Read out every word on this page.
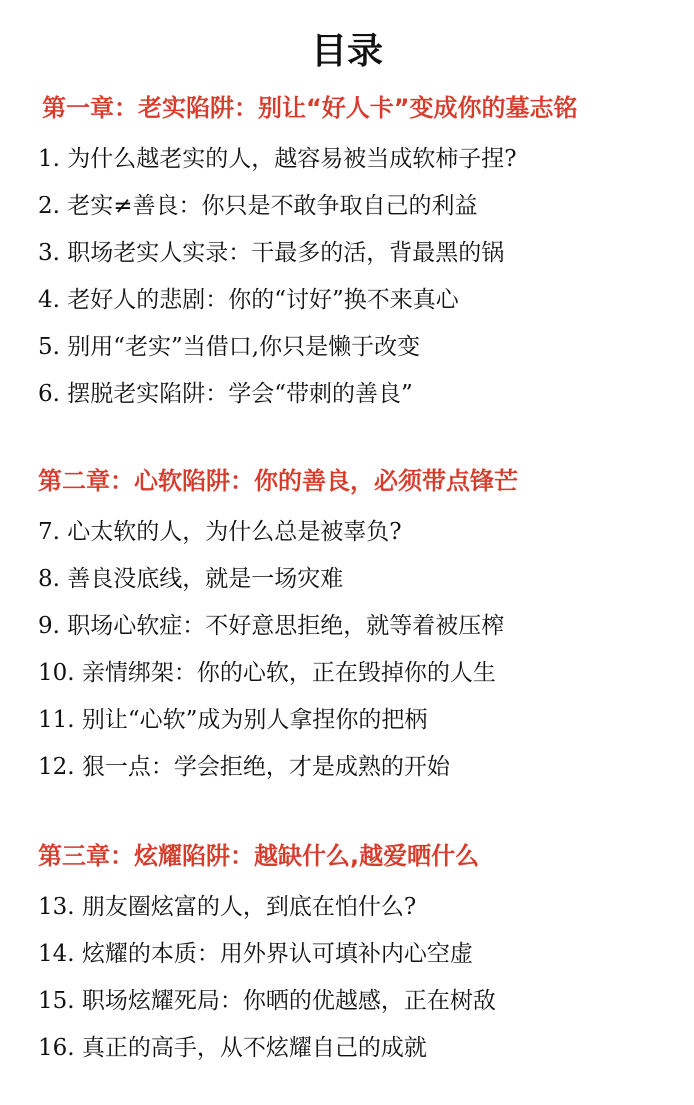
目录
第一章：老实陷阱：别让“好人卡”变成你的墓志铭
1. 为什么越老实的人，越容易被当成软柿子捏?
2. 老实≠善良：你只是不敢争取自己的利益
3. 职场老实人实录：干最多的活，背最黑的锅
4. 老好人的悲剧：你的“讨好”换不来真心
5. 别用“老实”当借口,你只是懒于改变
6. 摆脱老实陷阱：学会“带刺的善良”
第二章：心软陷阱：你的善良，必须带点锋芒
7. 心太软的人，为什么总是被辜负?
8. 善良没底线，就是一场灾难
9. 职场心软症：不好意思拒绝，就等着被压榨
10. 亲情绑架：你的心软，正在毁掉你的人生
11. 别让“心软”成为别人拿捏你的把柄
12. 狠一点：学会拒绝，才是成熟的开始
第三章：炫耀陷阱：越缺什么,越爱晒什么
13. 朋友圈炫富的人，到底在怕什么?
14. 炫耀的本质：用外界认可填补内心空虚
15. 职场炫耀死局：你晒的优越感，正在树敌
16. 真正的高手，从不炫耀自己的成就
